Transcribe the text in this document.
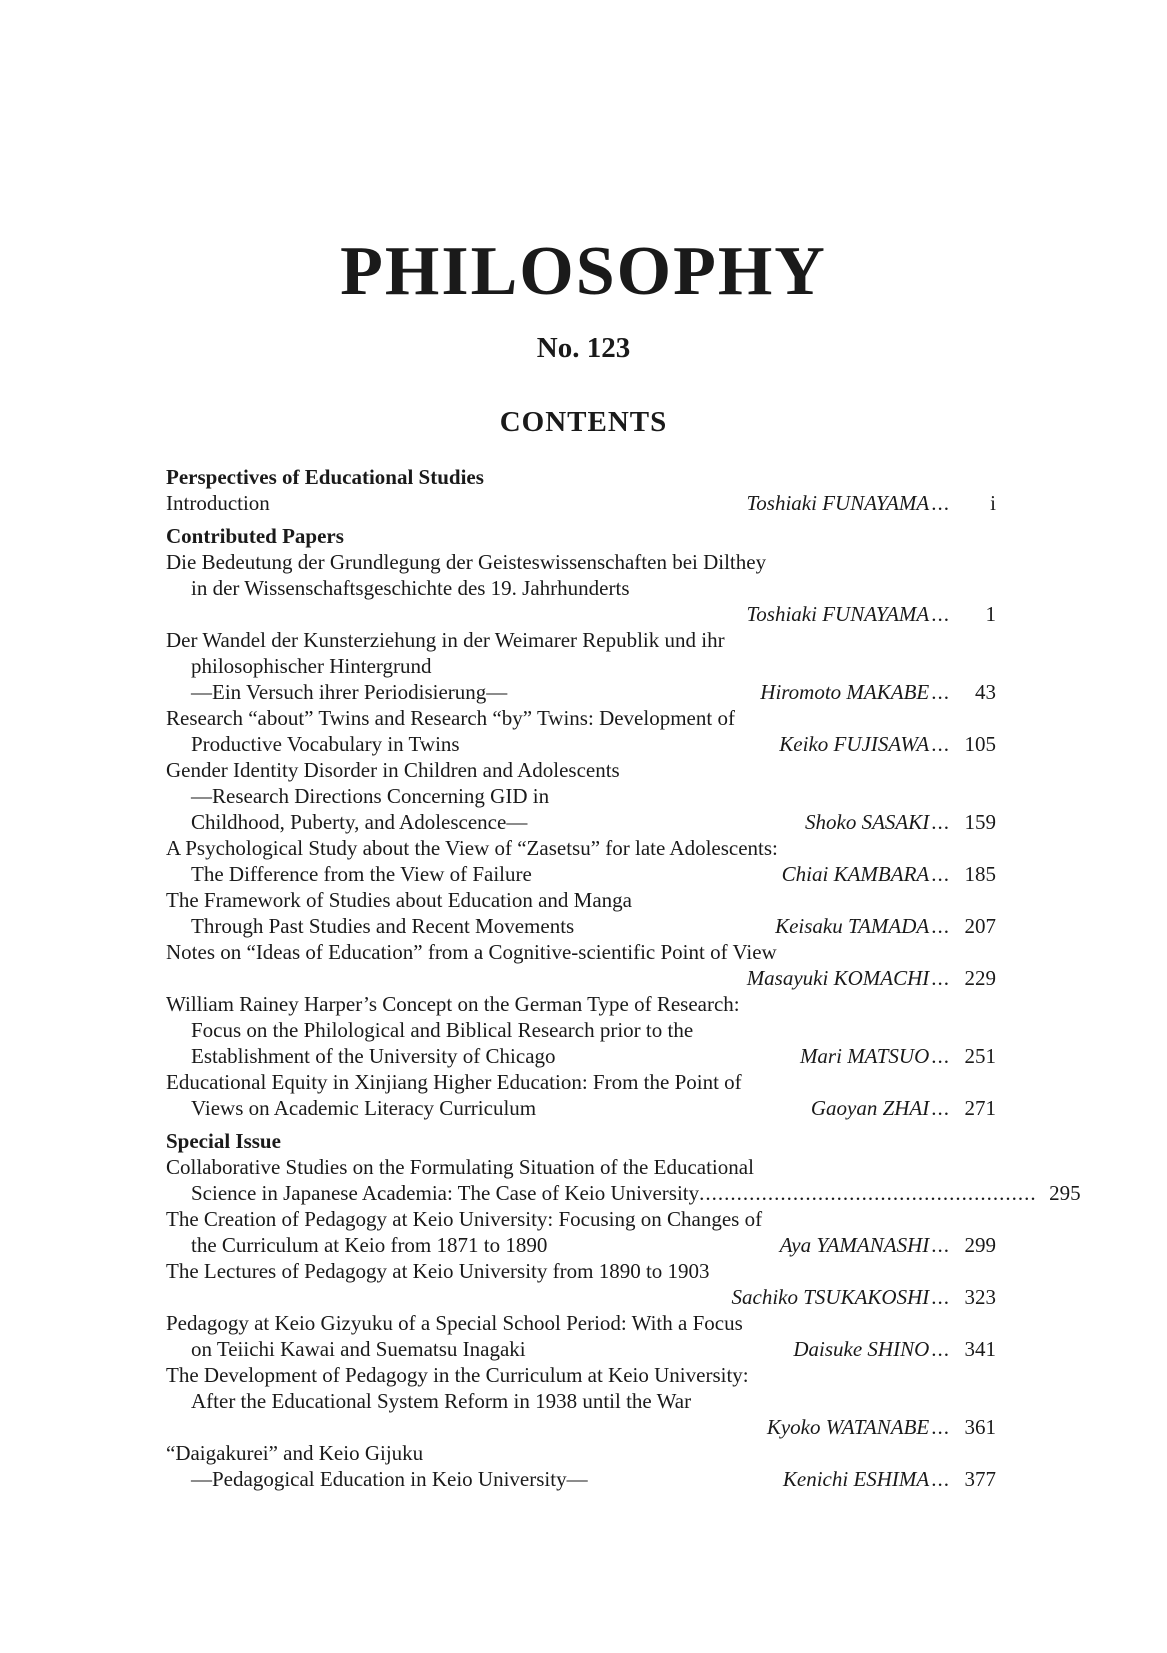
PHILOSOPHY
No. 123
CONTENTS
Perspectives of Educational Studies
Introduction	Toshiaki FUNAYAMA ...	i
Contributed Papers
Die Bedeutung der Grundlegung der Geisteswissenschaften bei Dilthey
in der Wissenschaftsgeschichte des 19. Jahrhunderts
Toshiaki FUNAYAMA ...	1
Der Wandel der Kunsterziehung in der Weimarer Republik und ihr
philosophischer Hintergrund
—Ein Versuch ihrer Periodisierung—	Hiromoto MAKABE ...	43
Research “about” Twins and Research “by” Twins: Development of
Productive Vocabulary in Twins	Keiko FUJISAWA ... 105
Gender Identity Disorder in Children and Adolescents
—Research Directions Concerning GID in
Childhood, Puberty, and Adolescence—	Shoko SASAKI ... 159
A Psychological Study about the View of “Zasetsu” for late Adolescents:
The Difference from the View of Failure	Chiai KAMBARA ... 185
The Framework of Studies about Education and Manga
Through Past Studies and Recent Movements	Keisaku TAMADA ... 207
Notes on “Ideas of Education” from a Cognitive-scientific Point of View
Masayuki KOMACHI ... 229
William Rainey Harper’s Concept on the German Type of Research:
Focus on the Philological and Biblical Research prior to the
Establishment of the University of Chicago	Mari MATSUO ... 251
Educational Equity in Xinjiang Higher Education: From the Point of
Views on Academic Literacy Curriculum	Gaoyan ZHAI ... 271
Special Issue
Collaborative Studies on the Formulating Situation of the Educational
Science in Japanese Academia: The Case of Keio University ...................................................... 295
The Creation of Pedagogy at Keio University: Focusing on Changes of
the Curriculum at Keio from 1871 to 1890	Aya YAMANASHI ... 299
The Lectures of Pedagogy at Keio University from 1890 to 1903
Sachiko TSUKAKOSHI ... 323
Pedagogy at Keio Gizyuku of a Special School Period: With a Focus
on Teiichi Kawai and Suematsu Inagaki	Daisuke SHINO ... 341
The Development of Pedagogy in the Curriculum at Keio University:
After the Educational System Reform in 1938 until the War
Kyoko WATANABE ... 361
“Daigakurei” and Keio Gijuku
—Pedagogical Education in Keio University—	Kenichi ESHIMA ... 377
